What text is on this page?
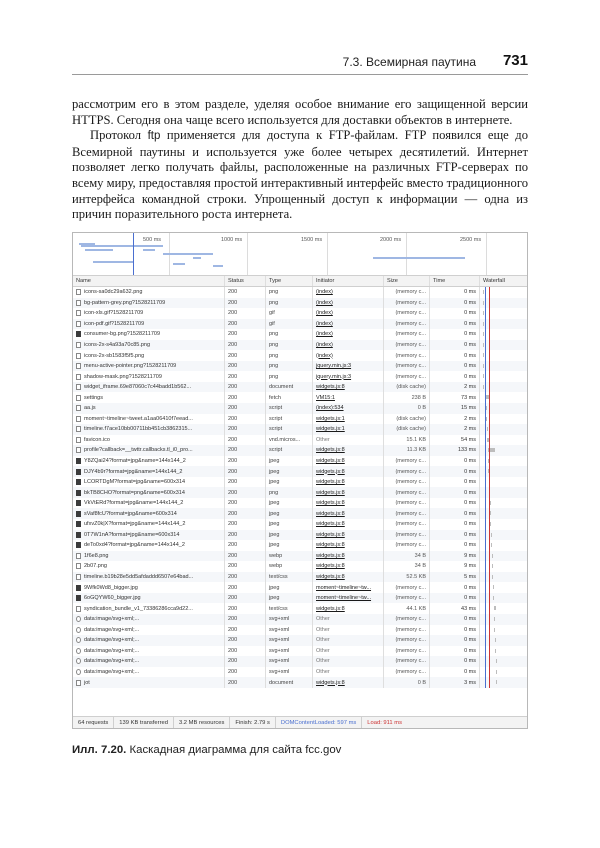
7.3. Всемирная паутина 731

рассмотрим его в этом разделе, уделяя особое внимание его защищенной версии HTTPS. Сегодня она чаще всего используется для доставки объектов в интернете.

Протокол ftp применяется для доступа к FTP-файлам. FTP появился еще до Всемирной паутины и используется уже более четырех десятилетий. Интернет позволяет легко получать файлы, расположенные на различных FTP-серверах по всему миру, предоставляя простой интерактивный интерфейс вместо традиционного интерфейса командной строки. Упрощенный доступ к информации — одна из причин поразительного роста интернета.

500 ms	1000 ms	1500 ms	2000 ms	2500 ms
Name	Status	Type	Initiator	Size	Time	Waterfall
icons-sa0dc29a632.png	200	png	(index)	(memory c...	0 ms
bg-pattern-grey.png?1528211709	200	png	(index)	(memory c...	0 ms
icon-xls.gif?1528211709	200	gif	(index)	(memory c...	0 ms
icon-pdf.gif?1528211709	200	gif	(index)	(memory c...	0 ms
consumer-bg.png?1528211709	200	png	(index)	(memory c...	0 ms
icons-2x-s4a93a70c85.png	200	png	(index)	(memory c...	0 ms
icons-2x-sb1583f5f5.png	200	png	(index)	(memory c...	0 ms
menu-active-pointer.png?1528211709	200	png	jquery.min.js:3	(memory c...	0 ms
shadow-mask.png?1528211709	200	png	jquery.min.js:3	(memory c...	0 ms
widget_iframe.69e87060c7c44badd1b562...	200	document	widgets.js:8	(disk cache)	2 ms
settings	200	fetch	VM15:1	238 B	73 ms
aa.js	200	script	(index):534	0 B	15 ms
moment~timeline~tweet.a1aa06410f7eead...	200	script	widgets.js:1	(disk cache)	2 ms
timeline.f7ace10bb00711bb451cb3862315...	200	script	widgets.js:1	(disk cache)	2 ms
favicon.ico	200	vnd.micros...	Other	15.1 KB	54 ms
profile?callback=__twttr.callbacks.tl_i0_pro...	200	script	widgets.js:8	11.3 KB	133 ms
Y8ZQai24?format=jpg&name=144x144_2	200	jpeg	widgets.js:8	(memory c...	0 ms
DJY4b9r?format=jpg&name=144x144_2	200	jpeg	widgets.js:8	(memory c...	0 ms
LCORTDgM?format=jpg&name=600x314	200	jpeg	widgets.js:8	(memory c...	0 ms
bkTB8CHO?format=png&name=600x314	200	png	widgets.js:8	(memory c...	0 ms
VkVtERd?format=jpg&name=144x144_2	200	jpeg	widgets.js:8	(memory c...	0 ms
sVaf8fcU?format=jpg&name=600x314	200	jpeg	widgets.js:8	(memory c...	0 ms
ufxvZ0k|X?format=jpg&name=144x144_2	200	jpeg	widgets.js:8	(memory c...	0 ms
0T7W1nA?format=jpg&name=600x314	200	jpeg	widgets.js:8	(memory c...	0 ms
deTo0xd4?format=jpg&name=144x144_2	200	jpeg	widgets.js:8	(memory c...	0 ms
1f6e8.png	200	webp	widgets.js:8	34 B	9 ms
2b07.png	200	webp	widgets.js:8	34 B	9 ms
timeline.b19b28e5dd5afdaddd6507e64bad...	200	text/css	widgets.js:8	52.5 KB	5 ms
9Wfk0Wd8_bigger.jpg	200	jpeg	moment~timeline~tw...	(memory c...	0 ms
6oGQYW60_bigger.jpg	200	jpeg	moment~timeline~tw...	(memory c...	0 ms
syndication_bundle_v1_73386286cca9d22...	200	text/css	widgets.js:8	44.1 KB	43 ms
data:image/svg+xml;...	200	svg+xml	Other	(memory c...	0 ms
data:image/svg+xml;...	200	svg+xml	Other	(memory c...	0 ms
data:image/svg+xml;...	200	svg+xml	Other	(memory c...	0 ms
data:image/svg+xml;...	200	svg+xml	Other	(memory c...	0 ms
data:image/svg+xml;...	200	svg+xml	Other	(memory c...	0 ms
data:image/svg+xml;...	200	svg+xml	Other	(memory c...	0 ms
jot	200	document	widgets.js:8	0 B	3 ms
64 requests	139 KB transferred	3.2 MB resources	Finish: 2.79 s	DOMContentLoaded: 597 ms	Load: 911 ms
Илл. 7.20. Каскадная диаграмма для сайта fcc.gov
